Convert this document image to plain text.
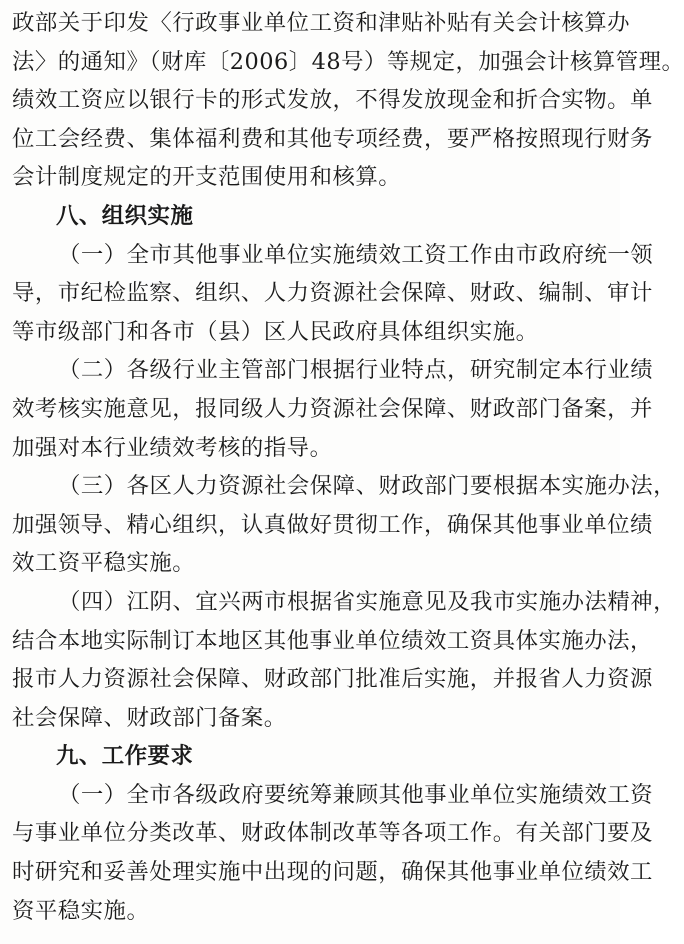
政部关于印发〈行政事业单位工资和津贴补贴有关会计核算办
法〉的通知》（财库〔2006〕48号）等规定，加强会计核算管理。
绩效工资应以银行卡的形式发放，不得发放现金和折合实物。单
位工会经费、集体福利费和其他专项经费，要严格按照现行财务
会计制度规定的开支范围使用和核算。
八、组织实施
（一）全市其他事业单位实施绩效工资工作由市政府统一领
导，市纪检监察、组织、人力资源社会保障、财政、编制、审计
等市级部门和各市（县）区人民政府具体组织实施。
（二）各级行业主管部门根据行业特点，研究制定本行业绩
效考核实施意见，报同级人力资源社会保障、财政部门备案，并
加强对本行业绩效考核的指导。
（三）各区人力资源社会保障、财政部门要根据本实施办法，
加强领导、精心组织，认真做好贯彻工作，确保其他事业单位绩
效工资平稳实施。
（四）江阴、宜兴两市根据省实施意见及我市实施办法精神，
结合本地实际制订本地区其他事业单位绩效工资具体实施办法，
报市人力资源社会保障、财政部门批准后实施，并报省人力资源
社会保障、财政部门备案。
九、工作要求
（一）全市各级政府要统筹兼顾其他事业单位实施绩效工资
与事业单位分类改革、财政体制改革等各项工作。有关部门要及
时研究和妥善处理实施中出现的问题，确保其他事业单位绩效工
资平稳实施。
